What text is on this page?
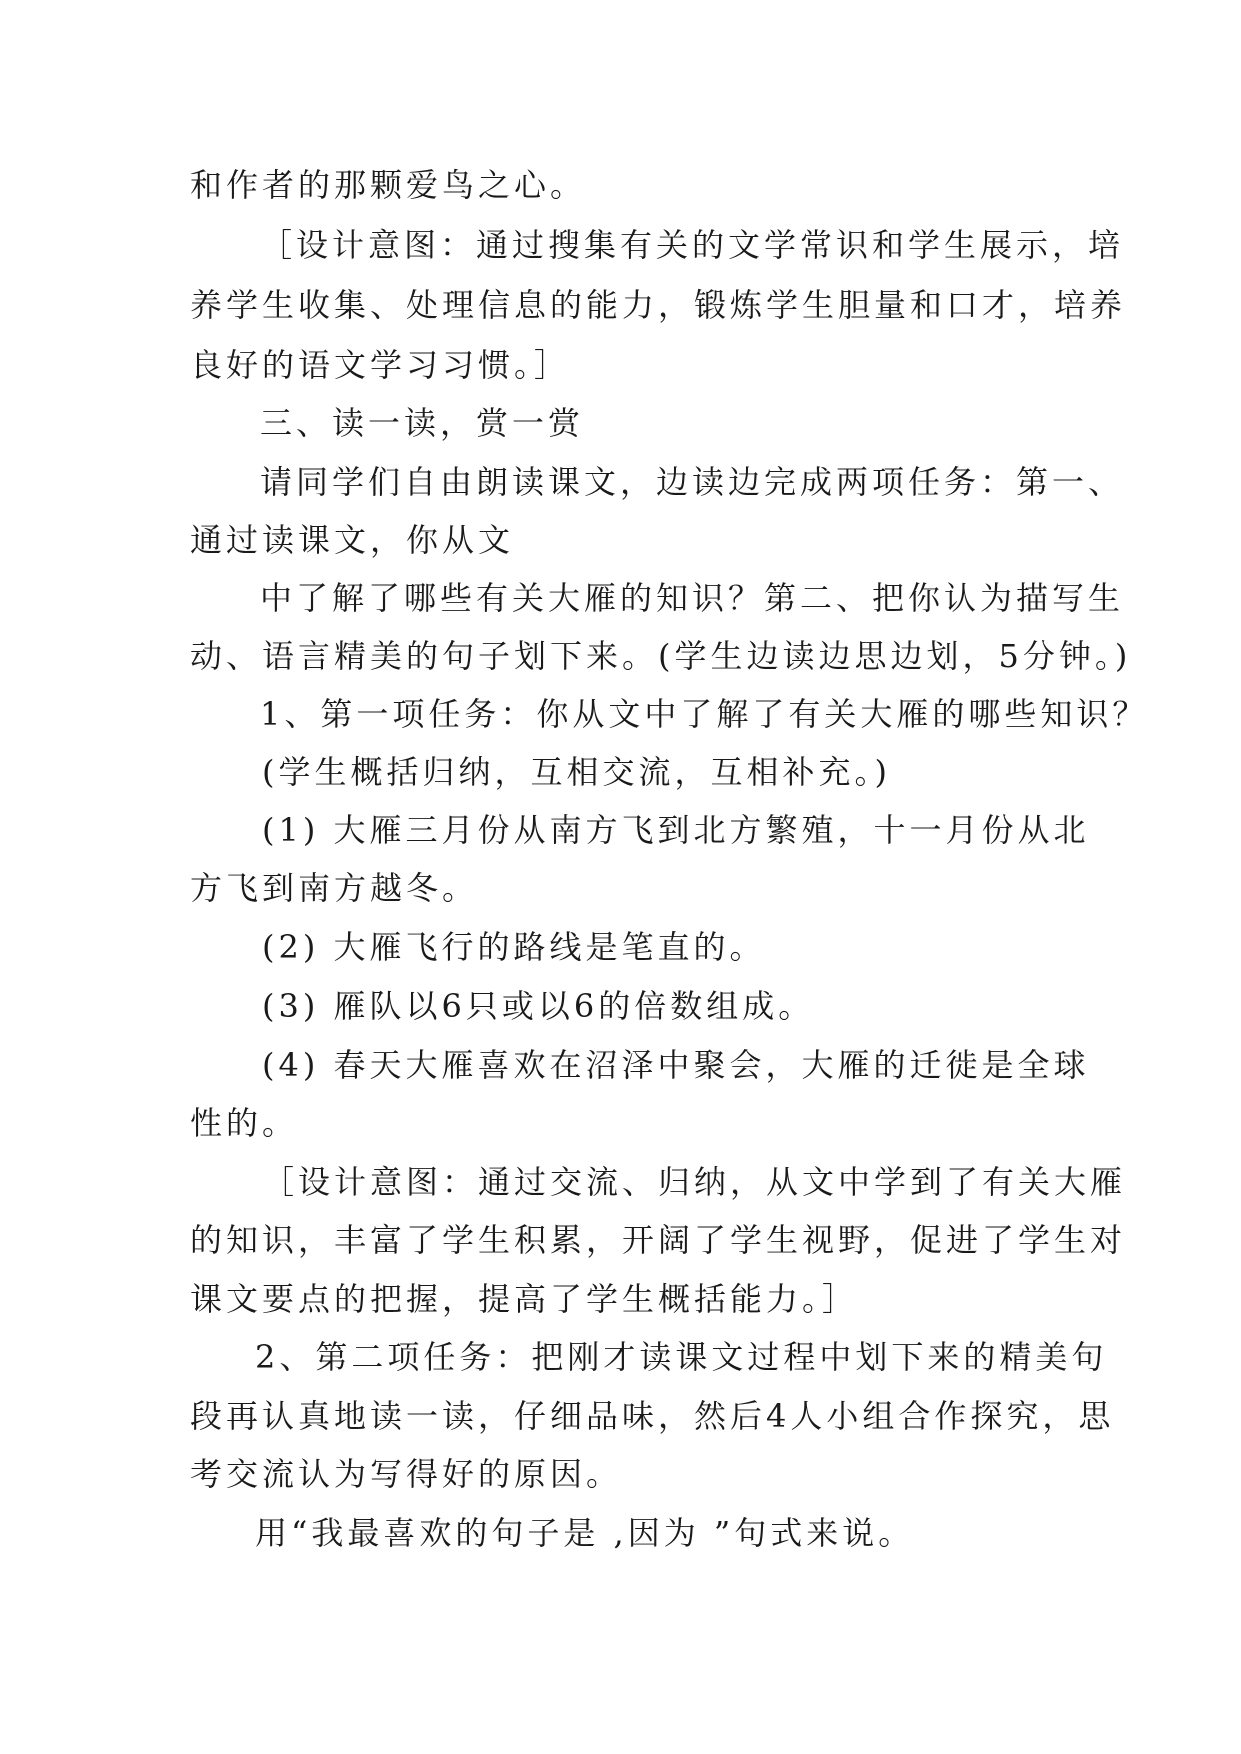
和作者的那颗爱鸟之心。
［设计意图：通过搜集有关的文学常识和学生展示，培
养学生收集、处理信息的能力，锻炼学生胆量和口才，培养
良好的语文学习习惯。］
三、读一读，赏一赏
请同学们自由朗读课文，边读边完成两项任务：第一、
通过读课文，你从文
中了解了哪些有关大雁的知识？第二、把你认为描写生
动、语言精美的句子划下来。(学生边读边思边划，5分钟。)
1、第一项任务：你从文中了解了有关大雁的哪些知识？
(学生概括归纳，互相交流，互相补充。)
(1) 大雁三月份从南方飞到北方繁殖，十一月份从北
方飞到南方越冬。
(2) 大雁飞行的路线是笔直的。
(3) 雁队以6只或以6的倍数组成。
(4) 春天大雁喜欢在沼泽中聚会，大雁的迁徙是全球
性的。
［设计意图：通过交流、归纳，从文中学到了有关大雁
的知识，丰富了学生积累，开阔了学生视野，促进了学生对
课文要点的把握，提高了学生概括能力。］
2、第二项任务：把刚才读课文过程中划下来的精美句
段再认真地读一读，仔细品味，然后4人小组合作探究，思
考交流认为写得好的原因。
用“我最喜欢的句子是 ,因为 ”句式来说。
